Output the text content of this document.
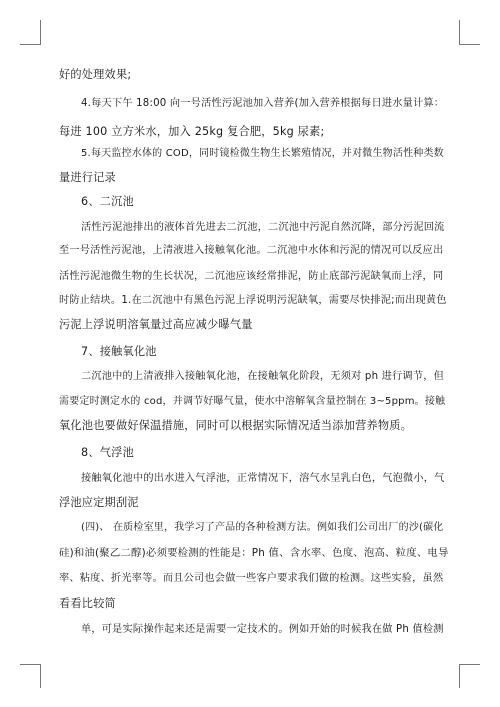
好的处理效果;
4.每天下午 18:00 向一号活性污泥池加入营养(加入营养根据每日进水量计算：
每进 100 立方米水，加入 25kg 复合肥，5kg 尿素;
5.每天监控水体的 COD，同时镜检微生物生长繁殖情况，并对微生物活性种类数
量进行记录
6、二沉池
活性污泥池排出的液体首先进去二沉池，二沉池中污泥自然沉降，部分污泥回流
至一号活性污泥池，上清液进入接触氧化池。二沉池中水体和污泥的情况可以反应出
活性污泥池微生物的生长状况，二沉池应该经常排泥，防止底部污泥缺氧而上浮，同
时防止结块。1.在二沉池中有黑色污泥上浮说明污泥缺氧，需要尽快排泥;而出现黄色
污泥上浮说明溶氧量过高应减少曝气量
7、接触氧化池
二沉池中的上清液排入接触氧化池，在接触氧化阶段，无须对 ph 进行调节，但
需要定时测定水的 cod，并调节好曝气量，使水中溶解氧含量控制在 3~5ppm。接触
氧化池也要做好保温措施，同时可以根据实际情况适当添加营养物质。
8、气浮池
接触氧化池中的出水进入气浮池，正常情况下，溶气水呈乳白色，气泡微小，气
浮池应定期刮泥
(四)、 在质检室里，我学习了产品的各种检测方法。例如我们公司出厂的沙(碳化
硅)和油(聚乙二醇)必须要检测的性能是：Ph 值、含水率、色度、泡高、粒度、电导
率、粘度、折光率等。而且公司也会做一些客户要求我们做的检测。这些实验，虽然
看看比较简
单，可是实际操作起来还是需要一定技术的。例如开始的时候我在做 Ph 值检测
